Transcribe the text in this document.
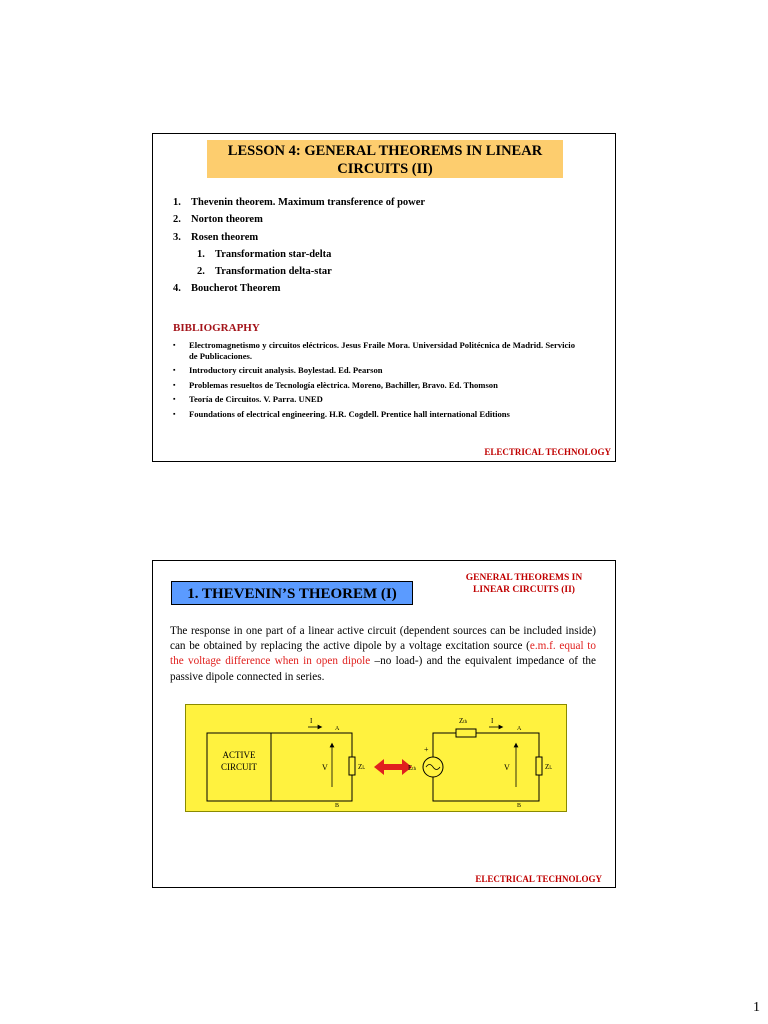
LESSON 4: GENERAL THEOREMS IN LINEAR
CIRCUITS (II)
1. Thevenin theorem. Maximum transference of power
2. Norton theorem
3. Rosen theorem
1. Transformation star-delta
2. Transformation delta-star
4. Boucherot Theorem
BIBLIOGRAPHY
▪ Electromagnetismo y circuitos eléctricos. Jesus Fraile Mora. Universidad Politécnica de Madrid. Servicio de Publicaciones.
▪ Introductory circuit analysis. Boylestad. Ed. Pearson
▪ Problemas resueltos de Tecnología elèctrica. Moreno, Bachiller, Bravo. Ed. Thomson
▪ Teoría de Circuitos. V. Parra. UNED
▪ Foundations of electrical engineering. H.R. Cogdell. Prentice hall international Editions
ELECTRICAL TECHNOLOGY
1. THEVENIN’S THEOREM (I)
GENERAL THEOREMS IN
LINEAR CIRCUITS (II)
The response in one part of a linear active circuit (dependent sources can be included inside) can be obtained by replacing the active dipole by a voltage excitation source (e.m.f. equal to the voltage difference when in open dipole –no load-) and the equivalent impedance of the passive dipole connected in series.
ACTIVE
CIRCUIT
I
A
V	ZL
B
Zth
+
Eth
I
A
V	ZL
B
ELECTRICAL TECHNOLOGY
1
